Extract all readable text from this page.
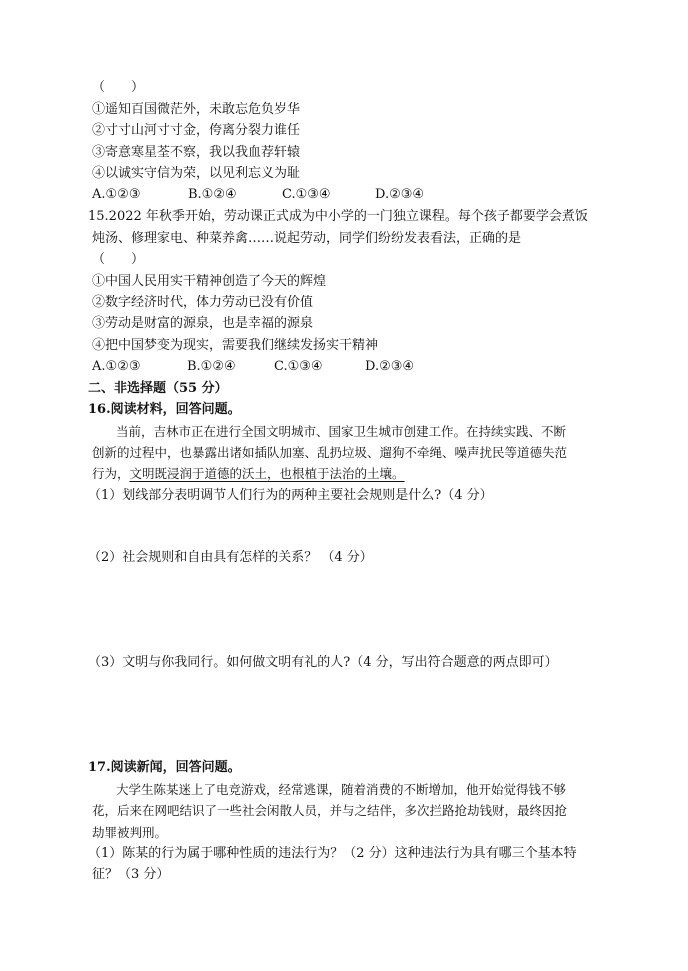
（　　）
①遥知百国微茫外，未敢忘危负岁华
②寸寸山河寸寸金，侉离分裂力谁任
③寄意寒星荃不察，我以我血荐轩辕
④以诚实守信为荣，以见利忘义为耻
A.①②③	B.①②④	C.①③④	D.②③④
15.2022 年秋季开始，劳动课正式成为中小学的一门独立课程。每个孩子都要学会煮饭
炖汤、修理家电、种菜养禽……说起劳动，同学们纷纷发表看法，正确的是
（　　）
①中国人民用实干精神创造了今天的辉煌
②数字经济时代，体力劳动已没有价值
③劳动是财富的源泉，也是幸福的源泉
④把中国梦变为现实，需要我们继续发扬实干精神
A.①②③	B.①②④	C.①③④	D.②③④
二、非选择题（55 分）
16.阅读材料，回答问题。
当前，吉林市正在进行全国文明城市、国家卫生城市创建工作。在持续实践、不断
创新的过程中，也暴露出诸如插队加塞、乱扔垃圾、遛狗不牵绳、噪声扰民等道德失范
行为，文明既浸润于道德的沃土，也根植于法治的土壤。
（1）划线部分表明调节人们行为的两种主要社会规则是什么?（4 分）
（2）社会规则和自由具有怎样的关系？ （4 分）
（3）文明与你我同行。如何做文明有礼的人?（4 分，写出符合题意的两点即可）
17.阅读新闻，回答问题。
大学生陈某迷上了电竞游戏，经常逃课，随着消费的不断增加，他开始觉得钱不够
花，后来在网吧结识了一些社会闲散人员，并与之结伴，多次拦路抢劫钱财，最终因抢
劫罪被判刑。
（1）陈某的行为属于哪种性质的违法行为？（2 分）这种违法行为具有哪三个基本特
征？（3 分）
